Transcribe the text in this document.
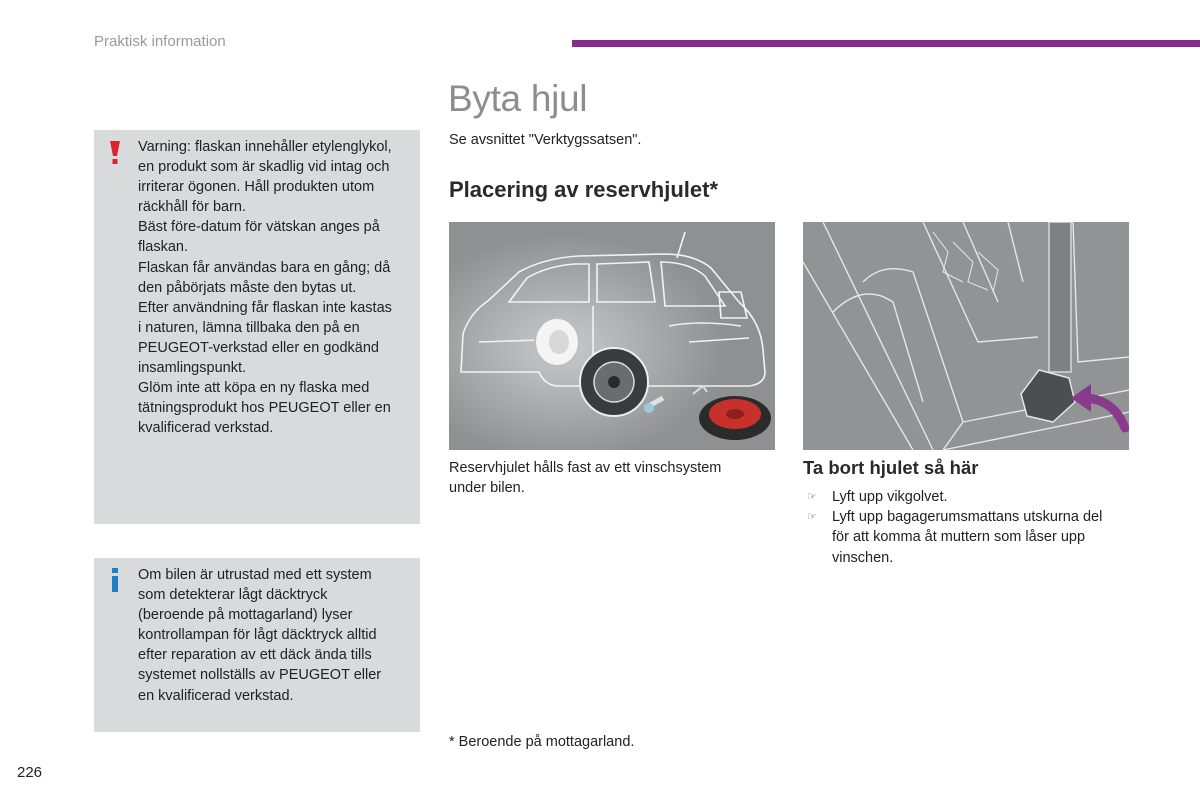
Praktisk information
Byta hjul
Se avsnittet "Verktygssatsen".
Placering av reservhjulet*

Varning: flaskan innehåller etylenglykol,

en produkt som är skadlig vid intag och

irriterar ögonen. Håll produkten utom

räckhåll för barn.

Bäst före-datum för vätskan anges på

flaskan.

Flaskan får användas bara en gång; då

den påbörjats måste den bytas ut.

Efter användning får flaskan inte kastas

i naturen, lämna tillbaka den på en

PEUGEOT-verkstad eller en godkänd

insamlingspunkt.

Glöm inte att köpa en ny flaska med

tätningsprodukt hos PEUGEOT eller en

kvalificerad verkstad.

Om bilen är utrustad med ett system

som detekterar lågt däcktryck

(beroende på mottagarland) lyser

kontrollampan för lågt däcktryck alltid

efter reparation av ett däck ända tills

systemet nollställs av PEUGEOT eller

en kvalificerad verkstad.

Reservhjulet hålls fast av ett vinschsystem
under bilen.
Ta bort hjulet så här
☞ Lyft upp vikgolvet.
☞ Lyft upp bagagerumsmattans utskurna del
för att komma åt muttern som låser upp
vinschen.
* Beroende på mottagarland.
226
